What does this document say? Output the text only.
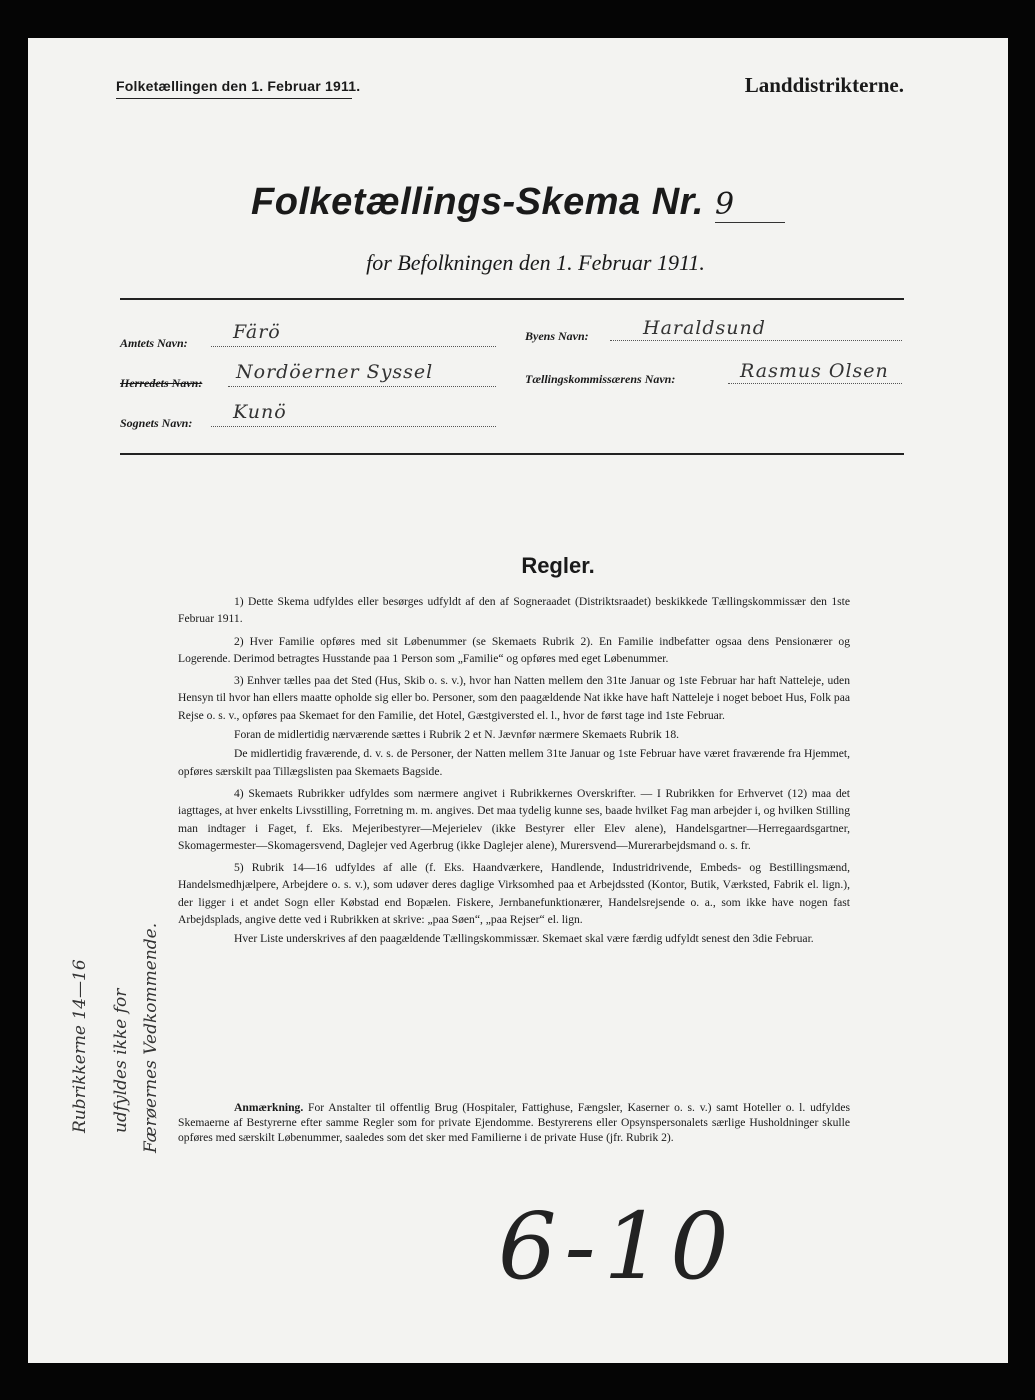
Folketællingen den 1. Februar 1911.	Landdistrikterne.
Folketællings-Skema Nr. 9
for Befolkningen den 1. Februar 1911.
Amtets Navn: Färö
Herredets Navn: Nordöerner Syssel
Sognets Navn: Kunö
Byens Navn:	Haraldsund
Tællingskommissærens Navn:	Rasmus Olsen
Regler.

1) Dette Skema udfyldes eller besørges udfyldt af den af Sogneraadet (Distriktsraadet) beskikkede Tællingskommissær den 1ste Februar 1911.

2) Hver Familie opføres med sit Løbenummer (se Skemaets Rubrik 2). En Familie indbefatter ogsaa dens Pensionærer og Logerende. Derimod betragtes Husstande paa 1 Person som „Familie“ og opføres med eget Løbenummer.

3) Enhver tælles paa det Sted (Hus, Skib o. s. v.), hvor han Natten mellem den 31te Januar og 1ste Februar har haft Natteleje, uden Hensyn til hvor han ellers maatte opholde sig eller bo. Personer, som den paagældende Nat ikke have haft Natteleje i noget beboet Hus, Folk paa Rejse o. s. v., opføres paa Skemaet for den Familie, det Hotel, Gæstgiversted el. l., hvor de først tage ind 1ste Februar.

Foran de midlertidig nærværende sættes i Rubrik 2 et N. Jævnfør nærmere Skemaets Rubrik 18.

De midlertidig fraværende, d. v. s. de Personer, der Natten mellem 31te Januar og 1ste Februar have været fraværende fra Hjemmet, opføres særskilt paa Tillægslisten paa Skemaets Bagside.

4) Skemaets Rubrikker udfyldes som nærmere angivet i Rubrikkernes Overskrifter. — I Rubrikken for Erhvervet (12) maa det iagttages, at hver enkelts Livsstilling, Forretning m. m. angives. Det maa tydelig kunne ses, baade hvilket Fag man arbejder i, og hvilken Stilling man indtager i Faget, f. Eks. Mejeribestyrer—Mejerielev (ikke Bestyrer eller Elev alene), Handelsgartner—Herregaardsgartner, Skomagermester—Skomagersvend, Daglejer ved Agerbrug (ikke Daglejer alene), Murersvend—Murerarbejdsmand o. s. fr.

5) Rubrik 14—16 udfyldes af alle (f. Eks. Haandværkere, Handlende, Industridrivende, Embeds- og Bestillingsmænd, Handelsmedhjælpere, Arbejdere o. s. v.), som udøver deres daglige Virksomhed paa et Arbejdssted (Kontor, Butik, Værksted, Fabrik el. lign.), der ligger i et andet Sogn eller Købstad end Bopælen. Fiskere, Jernbanefunktionærer, Handelsrejsende o. a., som ikke have nogen fast Arbejdsplads, angive dette ved i Rubrikken at skrive: „paa Søen“, „paa Rejser“ el. lign.

Hver Liste underskrives af den paagældende Tællingskommissær. Skemaet skal være færdig udfyldt senest den 3die Februar.

Anmærkning. For Anstalter til offentlig Brug (Hospitaler, Fattighuse, Fængsler, Kaserner o. s. v.) samt Hoteller o. l. udfyldes Skemaerne af Bestyrerne efter samme Regler som for private Ejendomme. Bestyrerens eller Opsynspersonalets særlige Husholdninger skulle opføres med særskilt Løbenummer, saaledes som det sker med Familierne i de private Huse (jfr. Rubrik 2).
Rubrikkerne 14—16 udfyldes ikke for Færøernes Vedkommende.
6-10
